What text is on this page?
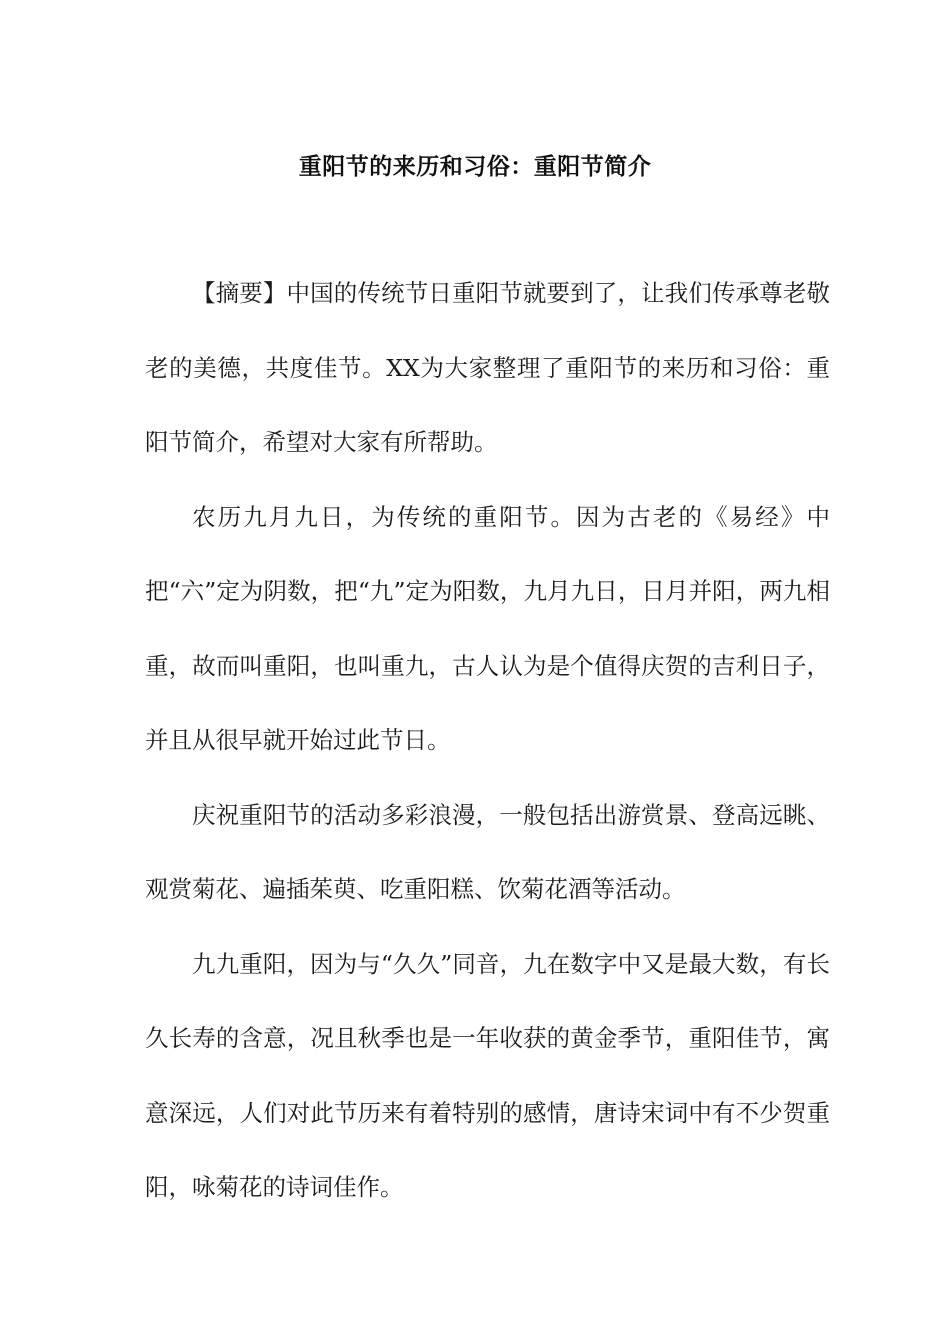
重阳节的来历和习俗：重阳节简介

【摘要】中国的传统节日重阳节就要到了，让我们传承尊老敬老的美德，共度佳节。XX为大家整理了重阳节的来历和习俗：重阳节简介，希望对大家有所帮助。

农历九月九日，为传统的重阳节。因为古老的《易经》中把“六”定为阴数，把“九”定为阳数，九月九日，日月并阳，两九相重，故而叫重阳，也叫重九，古人认为是个值得庆贺的吉利日子，并且从很早就开始过此节日。

庆祝重阳节的活动多彩浪漫，一般包括出游赏景、登高远眺、观赏菊花、遍插茱萸、吃重阳糕、饮菊花酒等活动。

九九重阳，因为与“久久”同音，九在数字中又是最大数，有长久长寿的含意，况且秋季也是一年收获的黄金季节，重阳佳节，寓意深远，人们对此节历来有着特别的感情，唐诗宋词中有不少贺重阳，咏菊花的诗词佳作。
